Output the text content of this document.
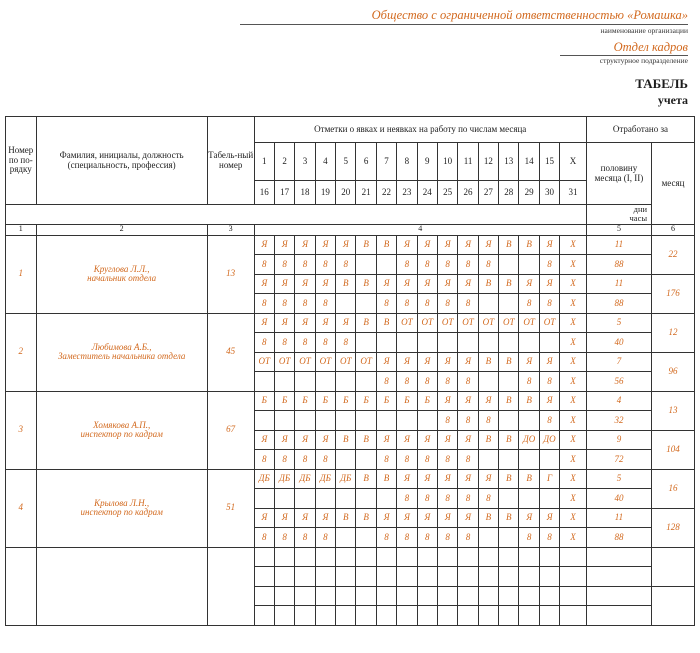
Общество с ограниченной ответственностью «Ромашка»
наименование организации
Отдел кадров
структурное подразделение
ТАБЕЛЬ
учета
Номер по по-рядку	Фамилия, инициалы, должность (специальность, профессия)	Табель-ный номер	Отметки о явках и неявках на работу по числам месяца																Отработано за	
			1	2	3	4	5	6	7	8	9	10	11	12	13	14	15	X	половину месяца (I, II)	месяц
			16	17	18	19	20	21	22	23	24	25	26	27	28	29	30	31		
																			дни
часы	
1	2	3	4																5	6
1	Круглова Л.Л.,
начальник отдела	13	Я	Я	Я	Я	Я	В	В	Я	Я	Я	Я	Я	В	В	Я	Х	11	22
			8	8	8	8	8			8	8	8	8	8			8	Х	88	
			Я	Я	Я	Я	В	В	Я	Я	Я	Я	Я	В	В	Я	Я	Х	11	176
			8	8	8	8			8	8	8	8	8			8	8	Х	88	
2	Любимова А.Б.,
Заместитель начальника отдела	45	Я	Я	Я	Я	Я	В	В	ОТ	ОТ	ОТ	ОТ	ОТ	ОТ	ОТ	ОТ	Х	5	12
			8	8	8	8	8											Х	40	
			ОТ	ОТ	ОТ	ОТ	ОТ	ОТ	Я	Я	Я	Я	Я	В	В	Я	Я	Х	7	96
									8	8	8	8	8			8	8	Х	56	
3	Хомякова А.П.,
инспектор по кадрам	67	Б	Б	Б	Б	Б	Б	Б	Б	Б	Я	Я	Я	В	В	Я	Х	4	13
												8	8	8			8	Х	32	
			Я	Я	Я	Я	В	В	Я	Я	Я	Я	Я	В	В	ДО	ДО	Х	9	104
			8	8	8	8			8	8	8	8	8					Х	72	
4	Крылова Л.Н.,
инспектор по кадрам	51	ДБ	ДБ	ДБ	ДБ	ДБ	В	В	Я	Я	Я	Я	Я	В	В	Г	Х	5	16
										8	8	8	8	8				Х	40	
			Я	Я	Я	Я	В	В	Я	Я	Я	Я	Я	В	В	Я	Я	Х	11	128
			8	8	8	8			8	8	8	8	8			8	8	Х	88	
